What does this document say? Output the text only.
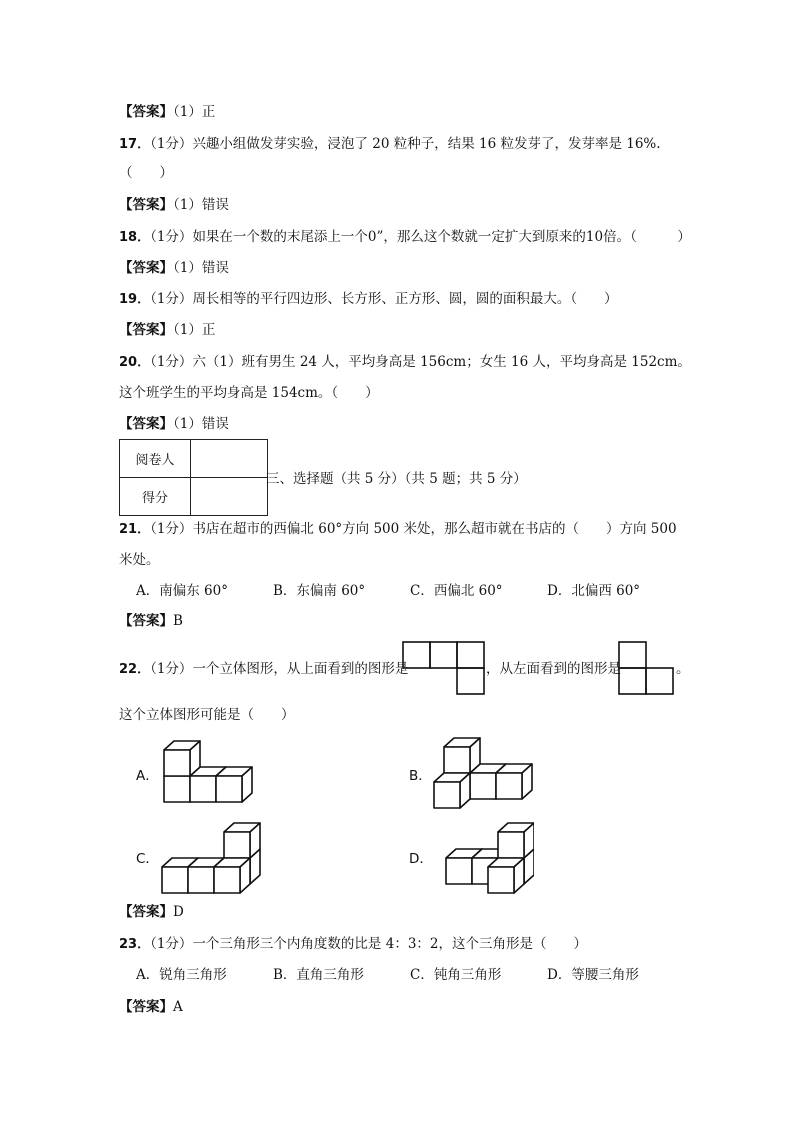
【答案】（1）正
17．（1分）兴趣小组做发芽实验，浸泡了 20 粒种子，结果 16 粒发芽了，发芽率是 16%.
（　　）
【答案】（1）错误
18．（1分）如果在一个数的末尾添上一个0”，那么这个数就一定扩大到原来的10倍。（　　　）
【答案】（1）错误
19．（1分）周长相等的平行四边形、长方形、正方形、圆，圆的面积最大。（　　）
【答案】（1）正
20．（1分）六（1）班有男生 24 人，平均身高是 156cm；女生 16 人，平均身高是 152cm。
这个班学生的平均身高是 154cm。（　　）
【答案】（1）错误
阅卷人	
得分	
三、选择题（共 5 分）（共 5 题；共 5 分）
21．（1分）书店在超市的西偏北 60°方向 500 米处，那么超市就在书店的（　　）方向 500
米处。
A．南偏东 60°	B．东偏南 60°	C．西偏北 60°	D．北偏西 60°
【答案】B
22．（1分）一个立体图形，从上面看到的图形是	，从左面看到的图形是	。
这个立体图形可能是（　　）
A．	B．
C．	D．
【答案】D
23．（1分）一个三角形三个内角度数的比是 4：3：2，这个三角形是（　　）
A．锐角三角形	B．直角三角形	C．钝角三角形	D．等腰三角形
【答案】A
